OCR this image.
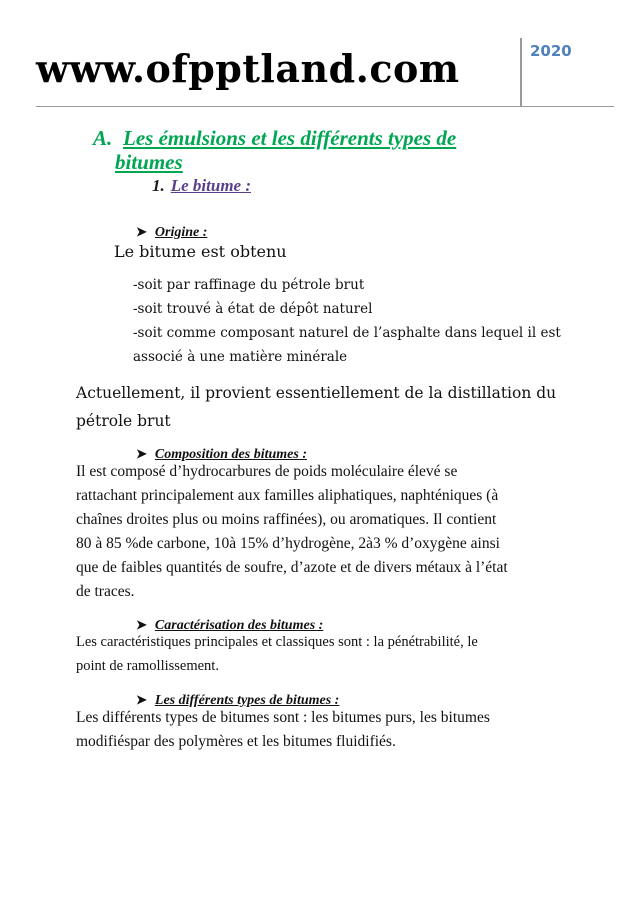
www.ofpptland.com	2020
A. Les émulsions et les différents types de
bitumes
1. Le bitume :
➤ Origine :
Le bitume est obtenu
-soit par raffinage du pétrole brut
-soit trouvé à état de dépôt naturel
-soit comme composant naturel de l’asphalte dans lequel il est
associé à une matière minérale
Actuellement, il provient essentiellement de la distillation du
pétrole brut
➤ Composition des bitumes :
Il est composé d’hydrocarbures de poids moléculaire élevé se
rattachant principalement aux familles aliphatiques, naphténiques (à
chaînes droites plus ou moins raffinées), ou aromatiques. Il contient
80 à 85 %de carbone, 10à 15% d’hydrogène, 2à3 % d’oxygène ainsi
que de faibles quantités de soufre, d’azote et de divers métaux à l’état
de traces.
➤ Caractérisation des bitumes :
Les caractéristiques principales et classiques sont : la pénétrabilité, le
point de ramollissement.
➤ Les différents types de bitumes :
Les différents types de bitumes sont : les bitumes purs, les bitumes
modifiéspar des polymères et les bitumes fluidifiés.
